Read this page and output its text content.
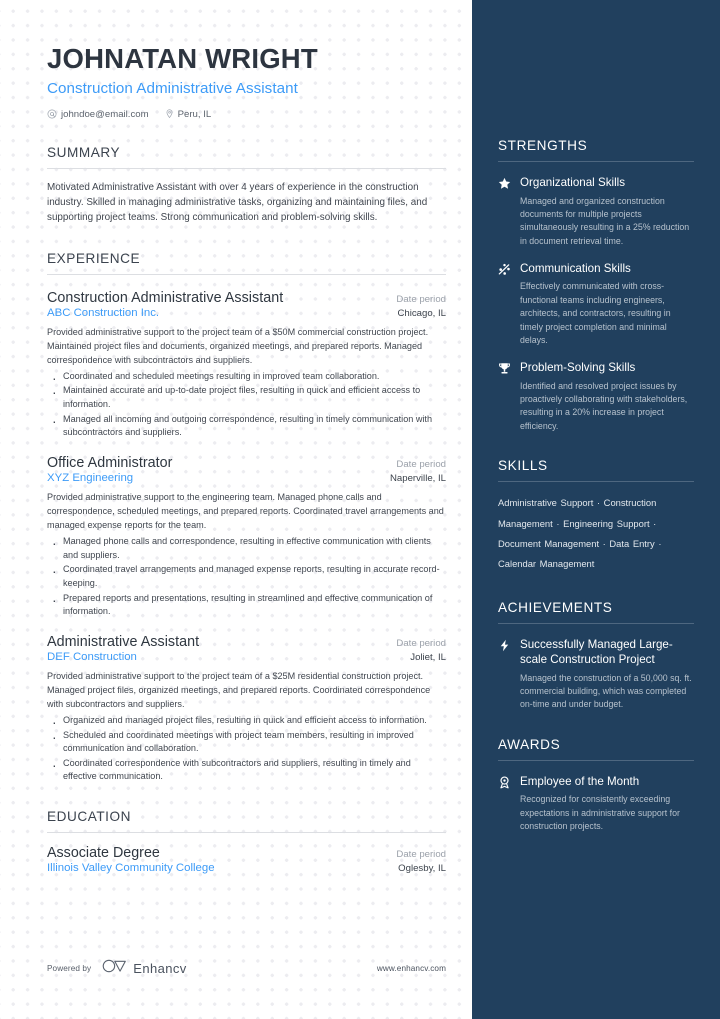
JOHNATAN WRIGHT
Construction Administrative Assistant
johndoe@email.com	Peru, IL
SUMMARY
Motivated Administrative Assistant with over 4 years of experience in the construction industry. Skilled in managing administrative tasks, organizing and maintaining files, and supporting project teams. Strong communication and problem-solving skills.
EXPERIENCE
Construction Administrative Assistant	Date period
ABC Construction Inc.	Chicago, IL
Provided administrative support to the project team of a $50M commercial construction project. Maintained project files and documents, organized meetings, and prepared reports. Managed correspondence with subcontractors and suppliers.
· Coordinated and scheduled meetings resulting in improved team collaboration.
· Maintained accurate and up-to-date project files, resulting in quick and efficient access to information.
· Managed all incoming and outgoing correspondence, resulting in timely communication with subcontractors and suppliers.
Office Administrator	Date period
XYZ Engineering	Naperville, IL
Provided administrative support to the engineering team. Managed phone calls and correspondence, scheduled meetings, and prepared reports. Coordinated travel arrangements and managed expense reports for the team.
· Managed phone calls and correspondence, resulting in effective communication with clients and suppliers.
· Coordinated travel arrangements and managed expense reports, resulting in accurate record-keeping.
· Prepared reports and presentations, resulting in streamlined and effective communication of information.
Administrative Assistant	Date period
DEF Construction	Joliet, IL
Provided administrative support to the project team of a $25M residential construction project. Managed project files, organized meetings, and prepared reports. Coordinated correspondence with subcontractors and suppliers.
· Organized and managed project files, resulting in quick and efficient access to information.
· Scheduled and coordinated meetings with project team members, resulting in improved communication and collaboration.
· Coordinated correspondence with subcontractors and suppliers, resulting in timely and effective communication.
EDUCATION
Associate Degree	Date period
Illinois Valley Community College	Oglesby, IL
Powered by	Enhancv	www.enhancv.com
STRENGTHS
Organizational Skills
Managed and organized construction documents for multiple projects simultaneously resulting in a 25% reduction in document retrieval time.
Communication Skills
Effectively communicated with cross-functional teams including engineers, architects, and contractors, resulting in timely project completion and minimal delays.
Problem-Solving Skills
Identified and resolved project issues by proactively collaborating with stakeholders, resulting in a 20% increase in project efficiency.
SKILLS
Administrative Support · Construction Management · Engineering Support · Document Management · Data Entry · Calendar Management
ACHIEVEMENTS
Successfully Managed Large-scale Construction Project
Managed the construction of a 50,000 sq. ft. commercial building, which was completed on-time and under budget.
AWARDS
Employee of the Month
Recognized for consistently exceeding expectations in administrative support for construction projects.
